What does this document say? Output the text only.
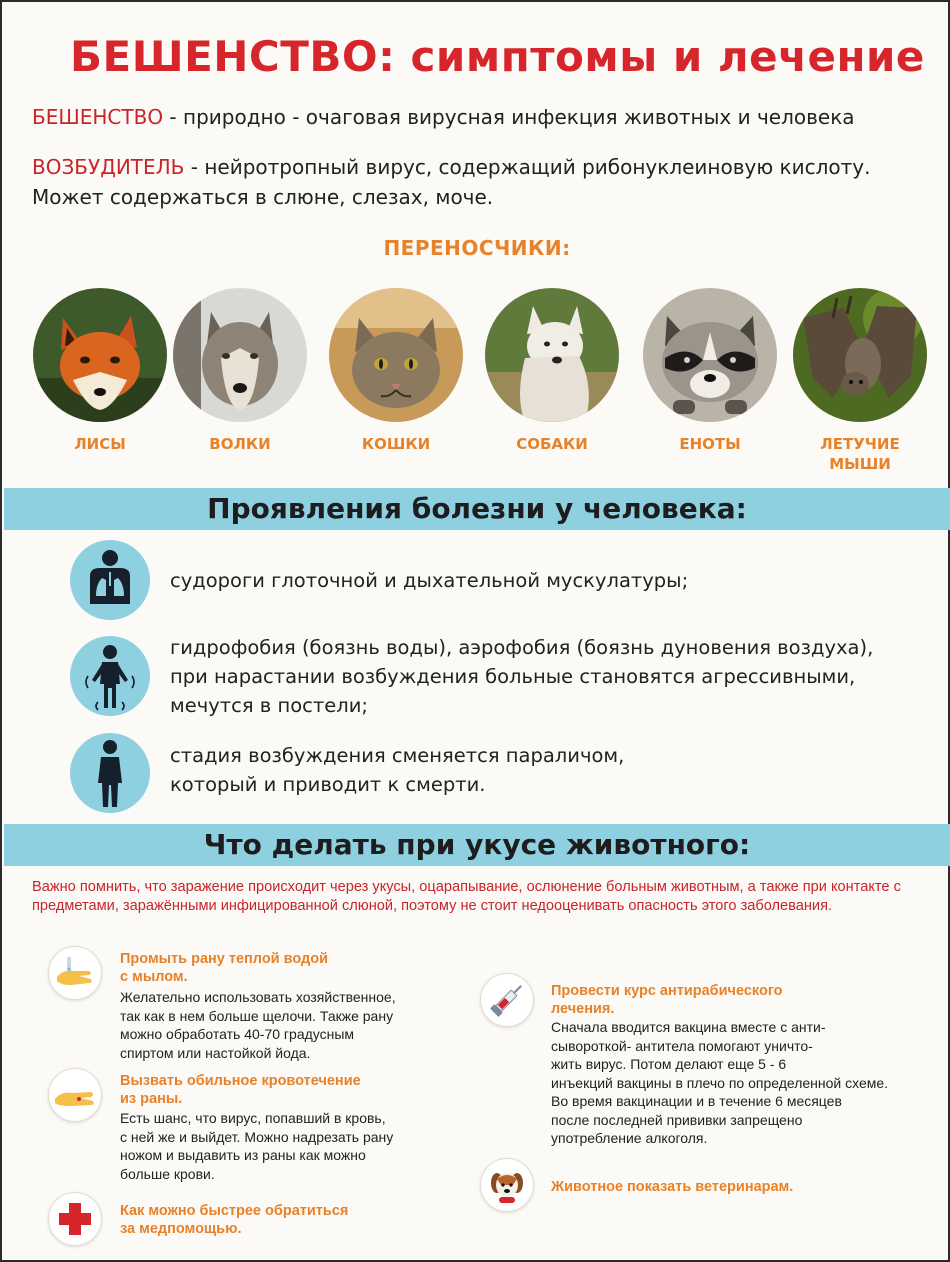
БЕШЕНСТВО: симптомы и лечение
БЕШЕНСТВО - природно - очаговая вирусная инфекция животных и человека
ВОЗБУДИТЕЛЬ - нейротропный вирус, содержащий рибонуклеиновую кислоту.
Может содержаться в слюне, слезах, моче.
ПЕРЕНОСЧИКИ:
ЛИСЫ	ВОЛКИ	КОШКИ	СОБАКИ	ЕНОТЫ	ЛЕТУЧИЕ
МЫШИ
Проявления болезни у человека:
судороги глоточной и дыхательной мускулатуры;
гидрофобия (боязнь воды), аэрофобия (боязнь дуновения воздуха),
при нарастании возбуждения больные становятся агрессивными,
мечутся в постели;
стадия возбуждения сменяется параличом,
который и приводит к смерти.
Что делать при укусе животного:
Важно помнить, что заражение происходит через укусы, оцарапывание, ослюнение больным животным, а также при контакте с предметами, заражёнными инфицированной слюной, поэтому не стоит недооценивать опасность этого заболевания.
Промыть рану теплой водой
с мылом.
Желательно использовать хозяйственное,
так как в нем больше щелочи. Также рану
можно обработать 40-70 градусным
спиртом или настойкой йода.
Вызвать обильное кровотечение
из раны.
Есть шанс, что вирус, попавший в кровь,
с ней же и выйдет. Можно надрезать рану
ножом и выдавить из раны как можно
больше крови.
Как можно быстрее обратиться
за медпомощью.
Провести курс антирабического
лечения.
Сначала вводится вакцина вместе с анти-
сывороткой- антитела помогают уничто-
жить вирус. Потом делают еще 5 - 6
инъекций вакцины в плечо по определенной схеме.
Во время вакцинации и в течение 6 месяцев
после последней прививки запрещено
употребление алкоголя.
Животное показать ветеринарам.
